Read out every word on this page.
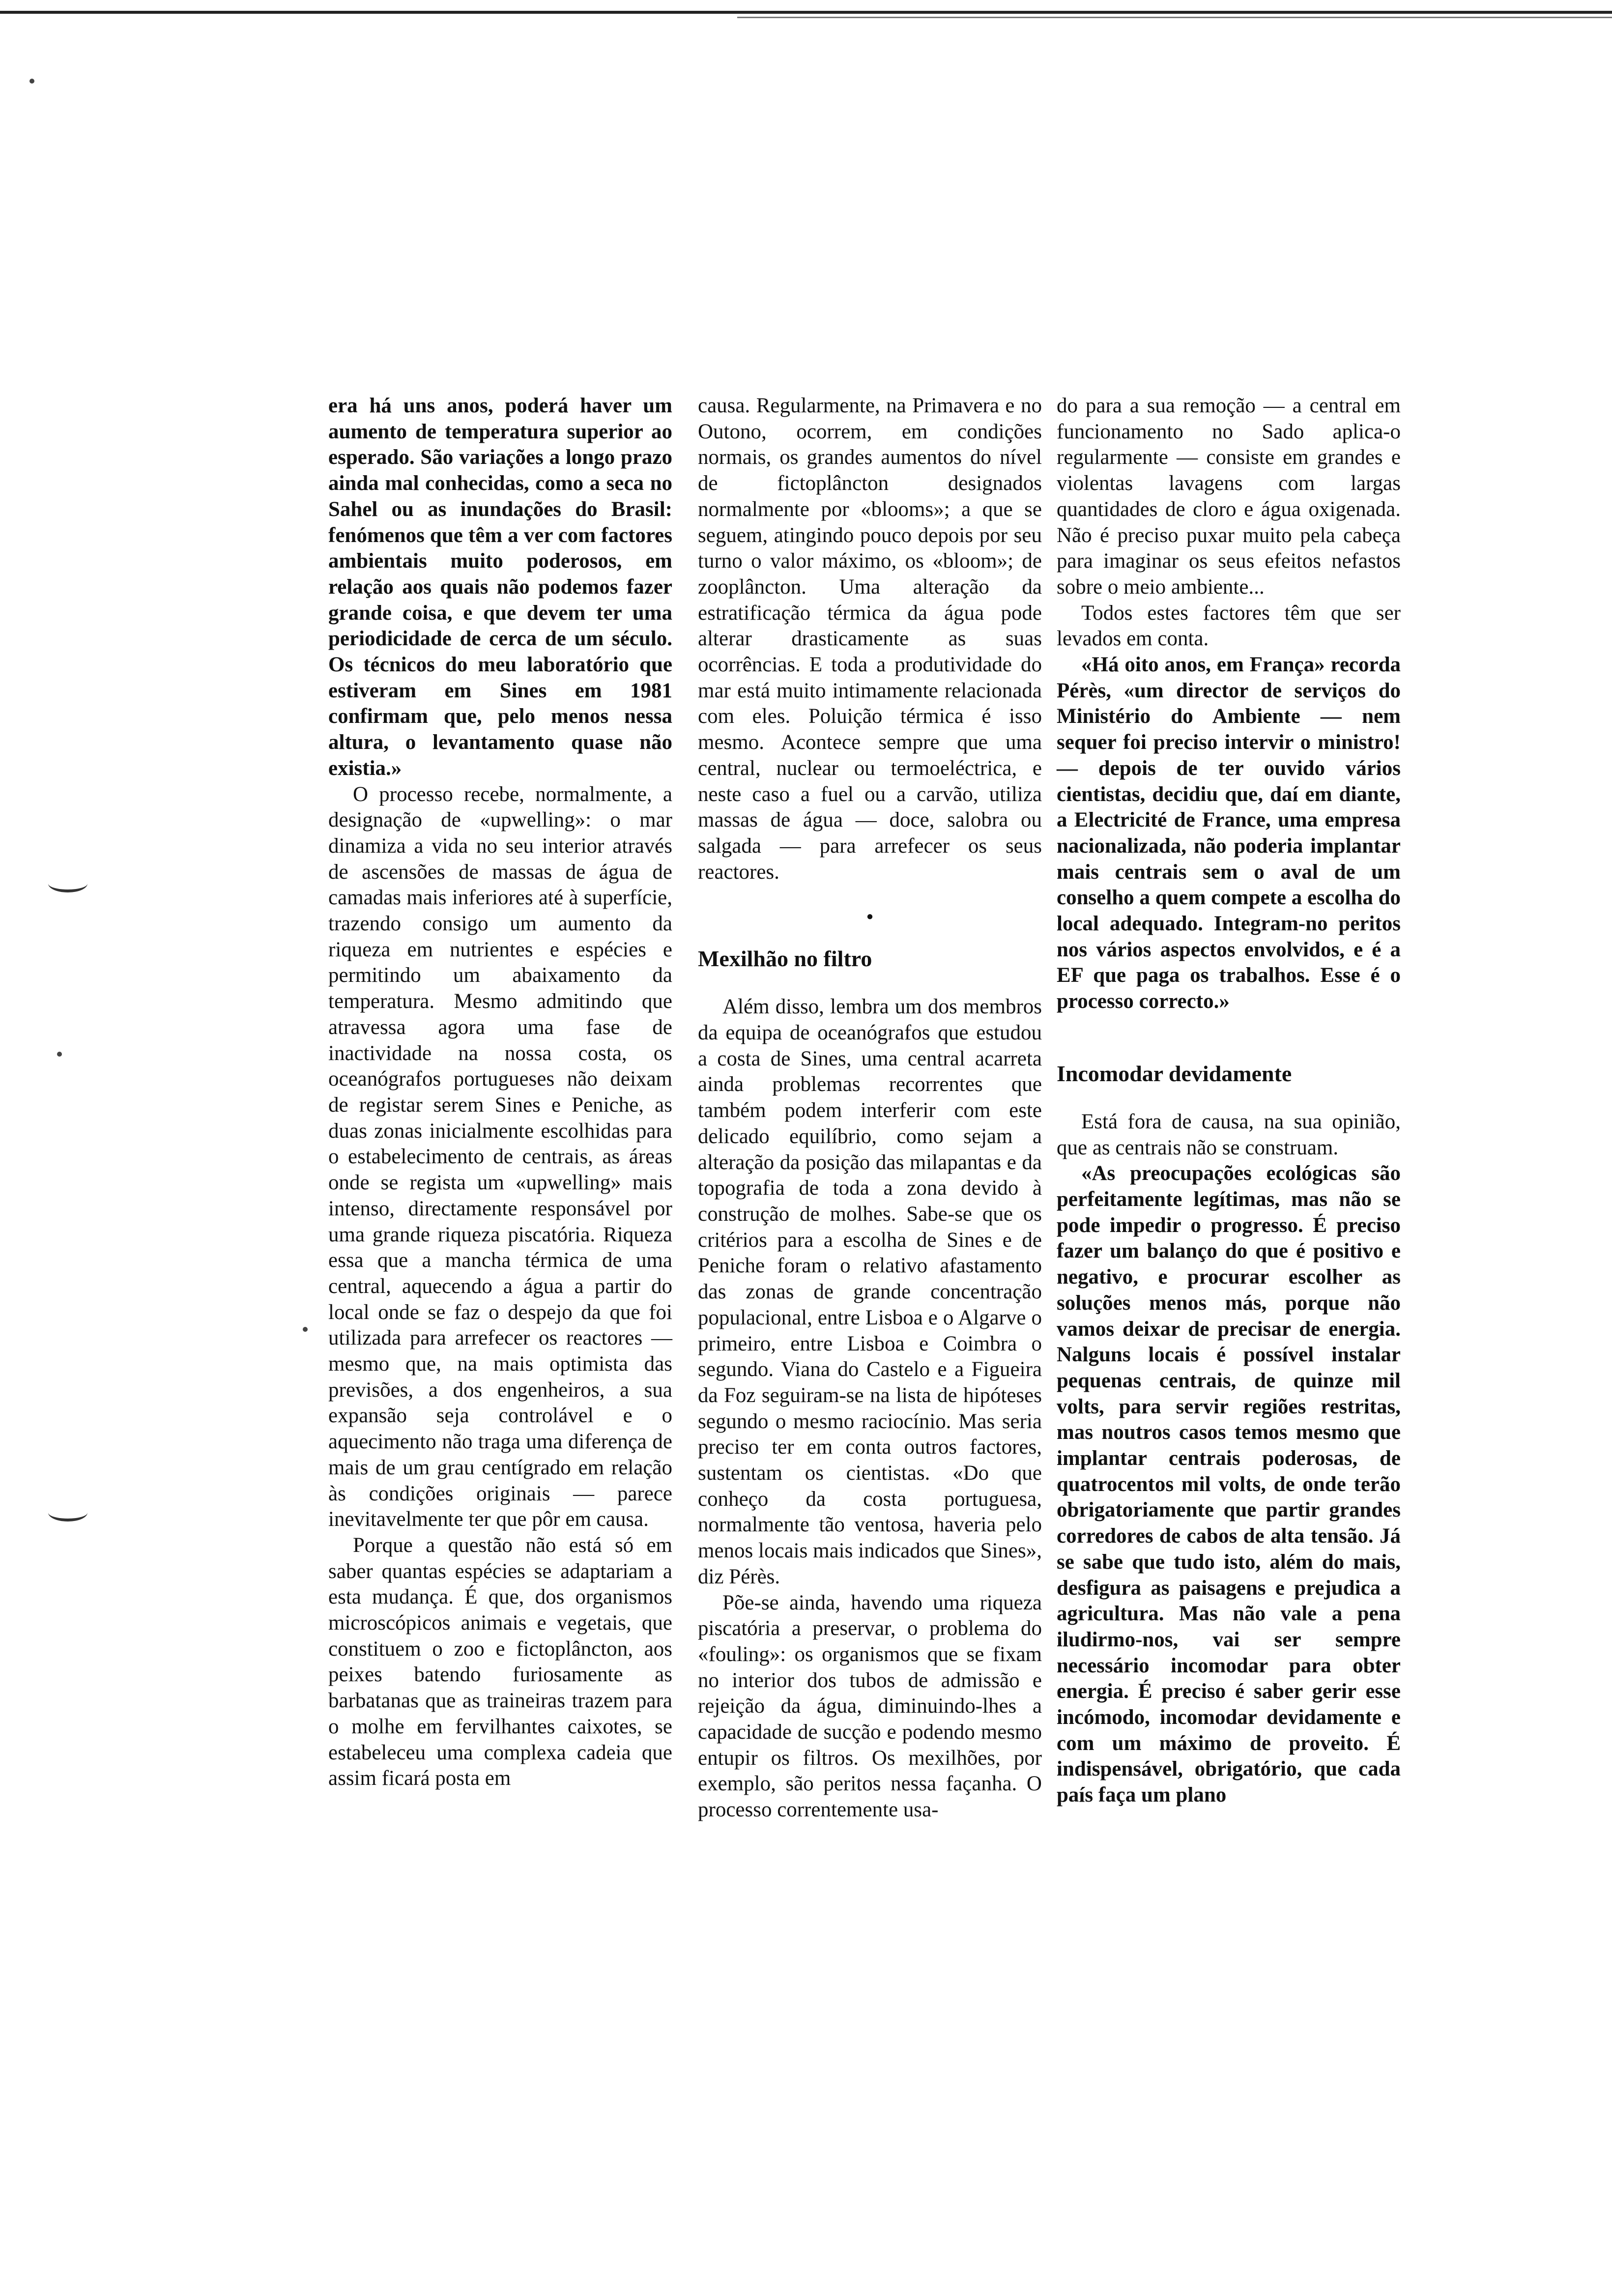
era há uns anos, poderá haver um aumento de temperatura superior ao esperado. São variações a longo prazo ainda mal conhecidas, como a seca no Sahel ou as inundações do Brasil: fenómenos que têm a ver com factores ambientais muito poderosos, em relação aos quais não podemos fazer grande coisa, e que devem ter uma periodicidade de cerca de um século. Os técnicos do meu laboratório que estiveram em Sines em 1981 confirmam que, pelo menos nessa altura, o levantamento quase não existia.»

O processo recebe, normalmente, a designação de «upwelling»: o mar dinamiza a vida no seu interior através de ascensões de massas de água de camadas mais inferiores até à superfície, trazendo consigo um aumento da riqueza em nutrientes e espécies e permitindo um abaixamento da temperatura. Mesmo admitindo que atravessa agora uma fase de inactividade na nossa costa, os oceanógrafos portugueses não deixam de registar serem Sines e Peniche, as duas zonas inicialmente escolhidas para o estabelecimento de centrais, as áreas onde se regista um «upwelling» mais intenso, directamente responsável por uma grande riqueza piscatória. Riqueza essa que a mancha térmica de uma central, aquecendo a água a partir do local onde se faz o despejo da que foi utilizada para arrefecer os reactores — mesmo que, na mais optimista das previsões, a dos engenheiros, a sua expansão seja controlável e o aquecimento não traga uma diferença de mais de um grau centígrado em relação às condições originais — parece inevitavelmente ter que pôr em causa.

Porque a questão não está só em saber quantas espécies se adaptariam a esta mudança. É que, dos organismos microscópicos animais e vegetais, que constituem o zoo e fictoplâncton, aos peixes batendo furiosamente as barbatanas que as traineiras trazem para o molhe em fervilhantes caixotes, se estabeleceu uma complexa cadeia que assim ficará posta em

causa. Regularmente, na Primavera e no Outono, ocorrem, em condições normais, os grandes aumentos do nível de fictoplâncton designados normalmente por «blooms»; a que se seguem, atingindo pouco depois por seu turno o valor máximo, os «bloom»; de zooplâncton. Uma alteração da estratificação térmica da água pode alterar drasticamente as suas ocorrências. E toda a produtividade do mar está muito intimamente relacionada com eles. Poluição térmica é isso mesmo. Acontece sempre que uma central, nuclear ou termoeléctrica, e neste caso a fuel ou a carvão, utiliza massas de água — doce, salobra ou salgada — para arrefecer os seus reactores.

•
Mexilhão no filtro

Além disso, lembra um dos membros da equipa de oceanógrafos que estudou a costa de Sines, uma central acarreta ainda problemas recorrentes que também podem interferir com este delicado equilíbrio, como sejam a alteração da posição das milapantas e da topografia de toda a zona devido à construção de molhes. Sabe-se que os critérios para a escolha de Sines e de Peniche foram o relativo afastamento das zonas de grande concentração populacional, entre Lisboa e o Algarve o primeiro, entre Lisboa e Coimbra o segundo. Viana do Castelo e a Figueira da Foz seguiram-se na lista de hipóteses segundo o mesmo raciocínio. Mas seria preciso ter em conta outros factores, sustentam os cientistas. «Do que conheço da costa portuguesa, normalmente tão ventosa, haveria pelo menos locais mais indicados que Sines», diz Pérès.

Põe-se ainda, havendo uma riqueza piscatória a preservar, o problema do «fouling»: os organismos que se fixam no interior dos tubos de admissão e rejeição da água, diminuindo-lhes a capacidade de sucção e podendo mesmo entupir os filtros. Os mexilhões, por exemplo, são peritos nessa façanha. O processo correntemente usa-

do para a sua remoção — a central em funcionamento no Sado aplica-o regularmente — consiste em grandes e violentas lavagens com largas quantidades de cloro e água oxigenada. Não é preciso puxar muito pela cabeça para imaginar os seus efeitos nefastos sobre o meio ambiente...

Todos estes factores têm que ser levados em conta.

«Há oito anos, em França» recorda Pérès, «um director de serviços do Ministério do Ambiente — nem sequer foi preciso intervir o ministro! — depois de ter ouvido vários cientistas, decidiu que, daí em diante, a Electricité de France, uma empresa nacionalizada, não poderia implantar mais centrais sem o aval de um conselho a quem compete a escolha do local adequado. Integram-no peritos nos vários aspectos envolvidos, e é a EF que paga os trabalhos. Esse é o processo correcto.»

Incomodar devidamente

Está fora de causa, na sua opinião, que as centrais não se construam.

«As preocupações ecológicas são perfeitamente legítimas, mas não se pode impedir o progresso. É preciso fazer um balanço do que é positivo e negativo, e procurar escolher as soluções menos más, porque não vamos deixar de precisar de energia. Nalguns locais é possível instalar pequenas centrais, de quinze mil volts, para servir regiões restritas, mas noutros casos temos mesmo que implantar centrais poderosas, de quatrocentos mil volts, de onde terão obrigatoriamente que partir grandes corredores de cabos de alta tensão. Já se sabe que tudo isto, além do mais, desfigura as paisagens e prejudica a agricultura. Mas não vale a pena iludirmo-nos, vai ser sempre necessário incomodar para obter energia. É preciso é saber gerir esse incómodo, incomodar devidamente e com um máximo de proveito. É indispensável, obrigatório, que cada país faça um plano
